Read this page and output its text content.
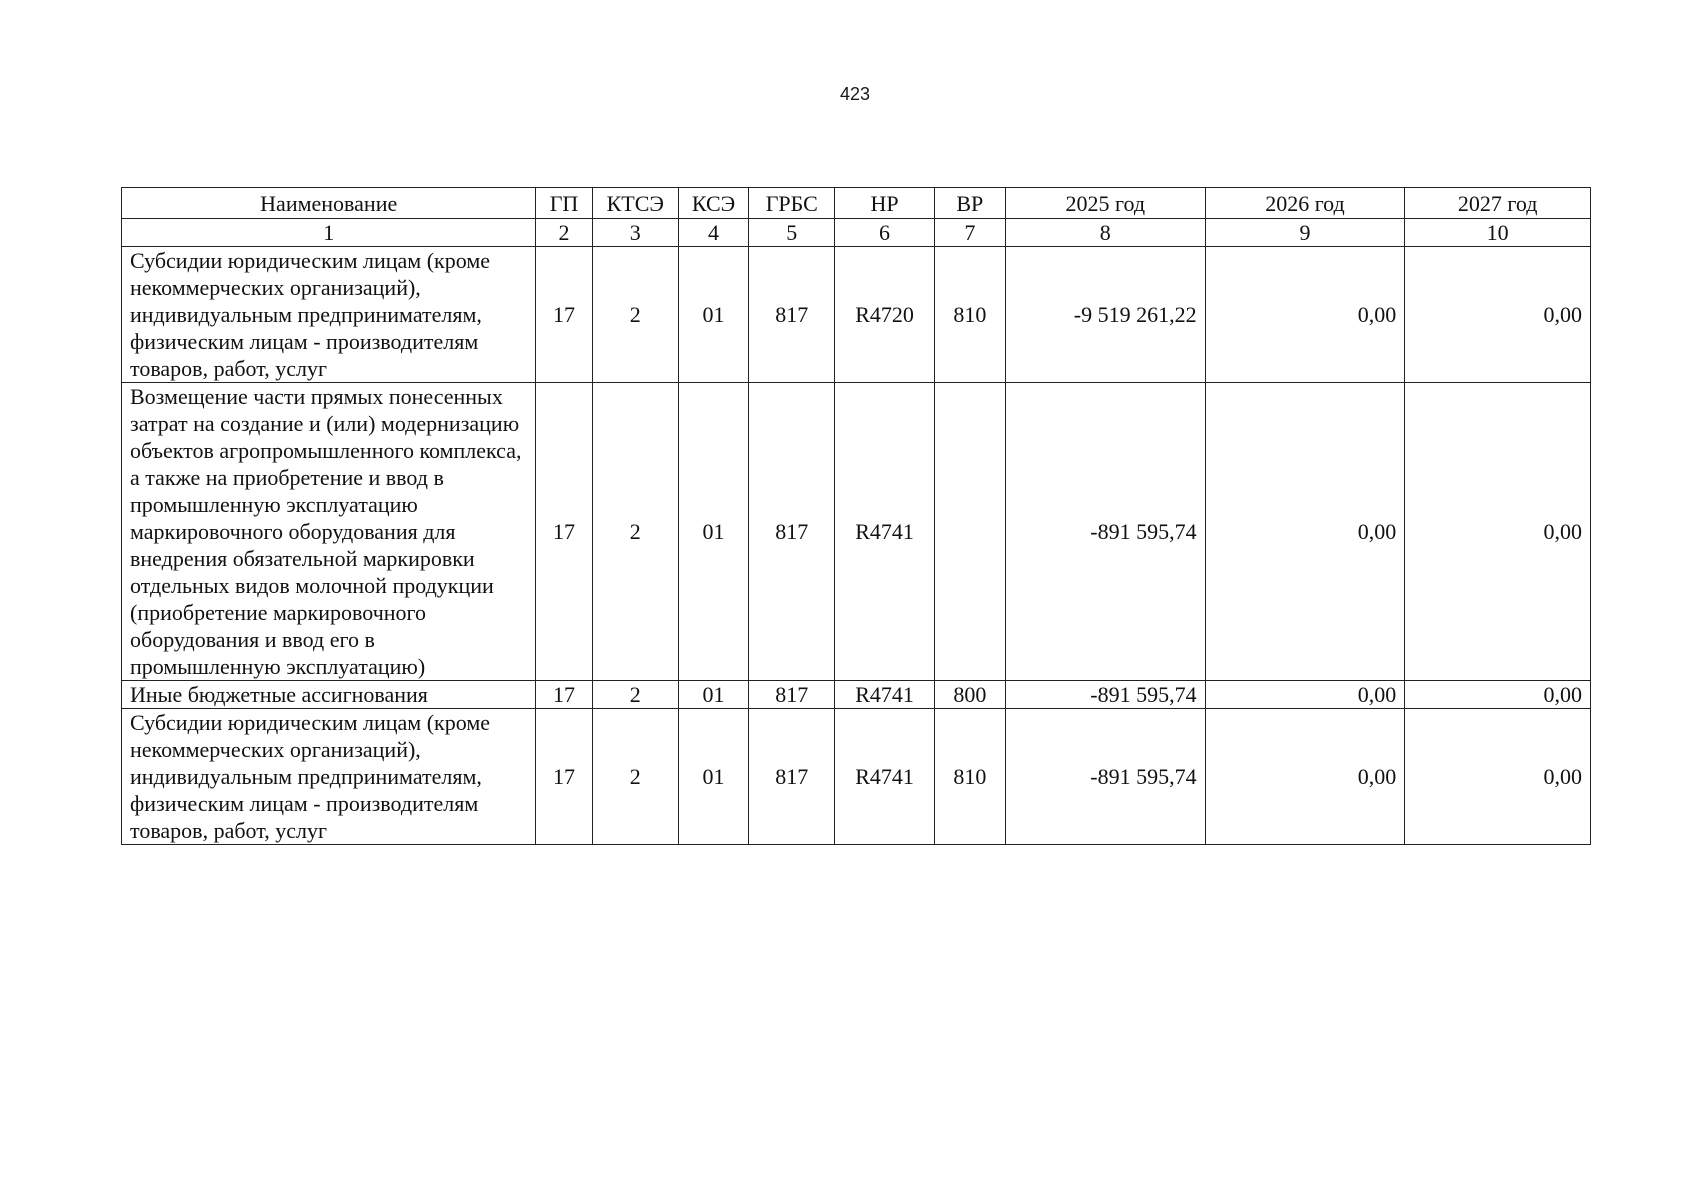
423
Наименование	ГП	КТСЭ	КСЭ	ГРБС	НР	ВР	2025 год	2026 год	2027 год
1	2	3	4	5	6	7	8	9	10
Субсидии юридическим лицам (кроме некоммерческих организаций), индивидуальным предпринимателям, физическим лицам - производителям товаров, работ, услуг	17	2	01	817	R4720	810	-9 519 261,22	0,00	0,00
Возмещение части прямых понесенных затрат на создание и (или) модернизацию объектов агропромышленного комплекса, а также на приобретение и ввод в промышленную эксплуатацию маркировочного оборудования для внедрения обязательной маркировки отдельных видов молочной продукции (приобретение маркировочного оборудования и ввод его в промышленную эксплуатацию)	17	2	01	817	R4741		-891 595,74	0,00	0,00
Иные бюджетные ассигнования	17	2	01	817	R4741	800	-891 595,74	0,00	0,00
Субсидии юридическим лицам (кроме некоммерческих организаций), индивидуальным предпринимателям, физическим лицам - производителям товаров, работ, услуг	17	2	01	817	R4741	810	-891 595,74	0,00	0,00
